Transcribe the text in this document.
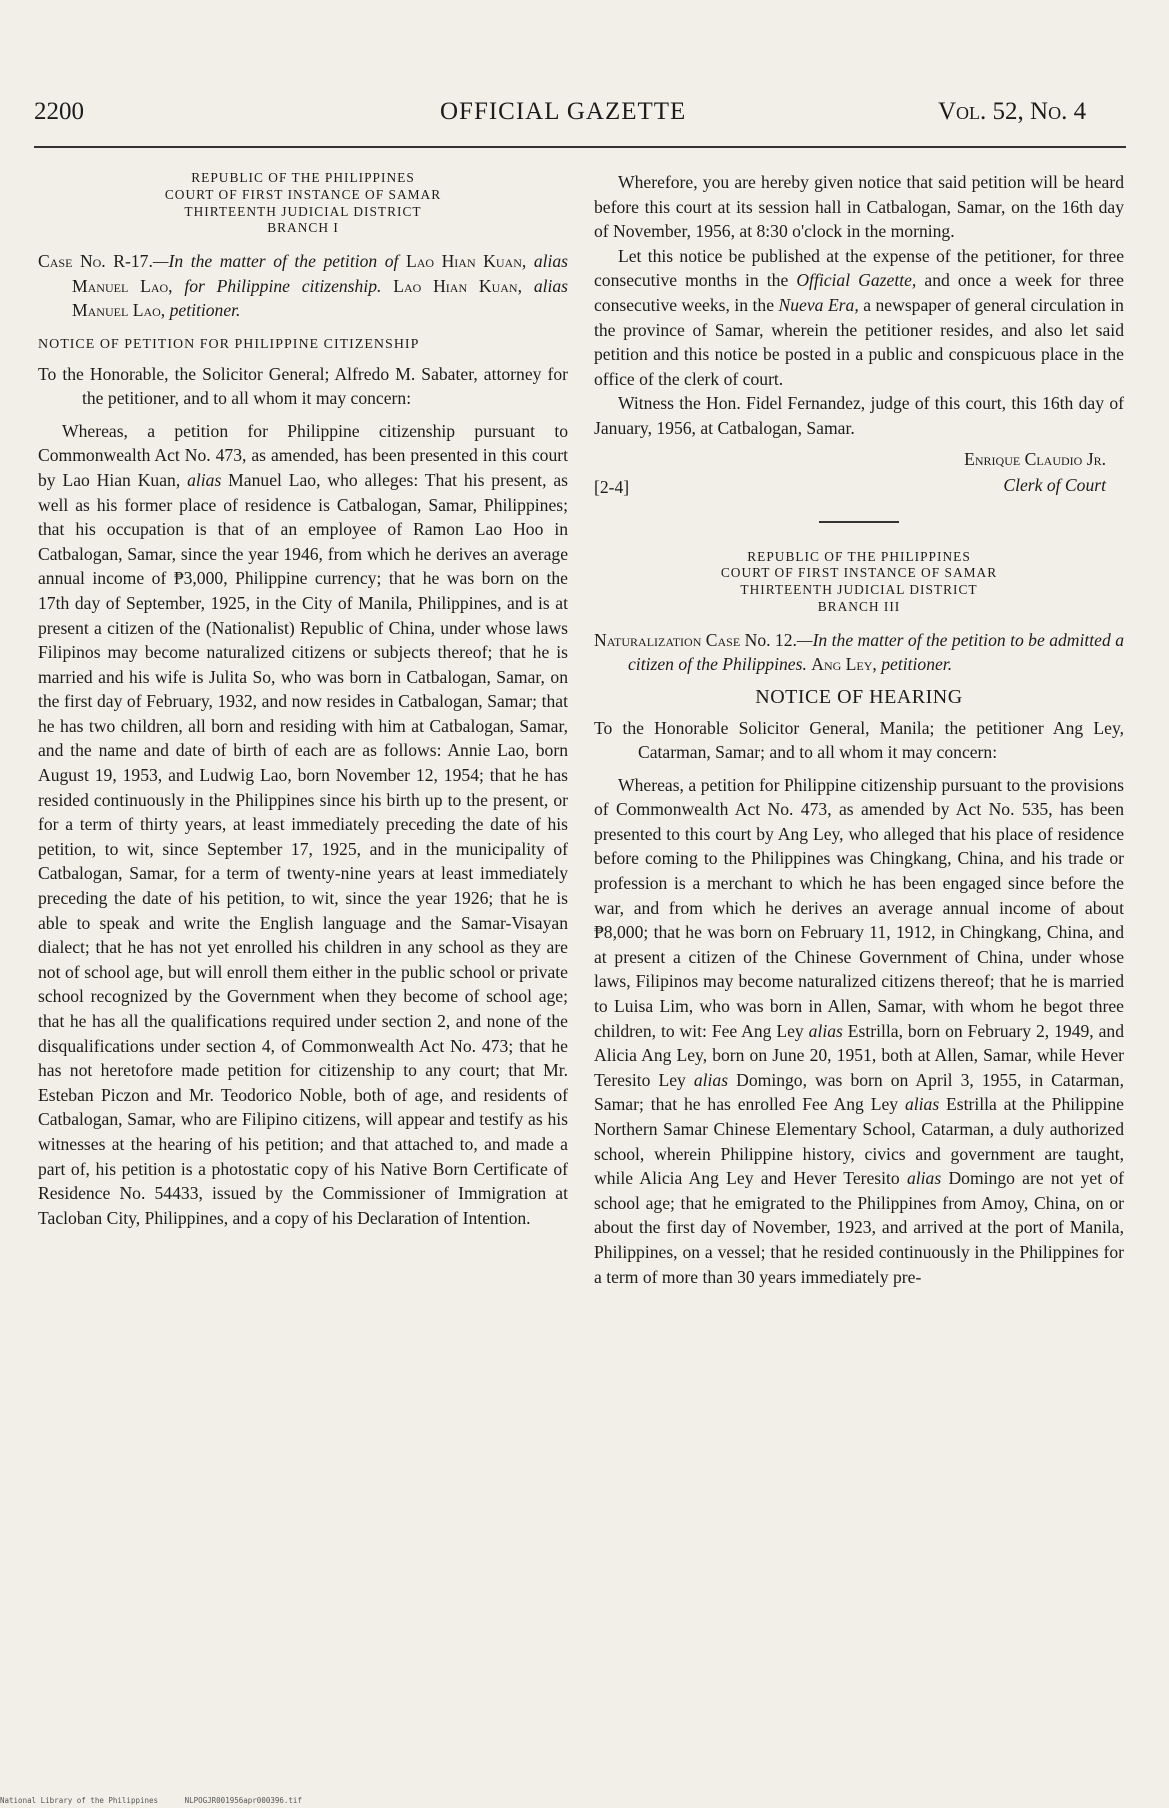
2200	OFFICIAL GAZETTE	Vol. 52, No. 4
REPUBLIC OF THE PHILIPPINES
COURT OF FIRST INSTANCE OF SAMAR
THIRTEENTH JUDICIAL DISTRICT
BRANCH I

Case No. R-17.—In the matter of the petition of Lao Hian Kuan, alias Manuel Lao, for Philippine citizenship. Lao Hian Kuan, alias Manuel Lao, petitioner.

NOTICE OF PETITION FOR PHILIPPINE CITIZENSHIP

To the Honorable, the Solicitor General; Alfredo M. Sabater, attorney for the petitioner, and to all whom it may concern:

Whereas, a petition for Philippine citizenship pursuant to Commonwealth Act No. 473, as amended, has been presented in this court by Lao Hian Kuan, alias Manuel Lao, who alleges: That his present, as well as his former place of residence is Catbalogan, Samar, Philippines; that his occupation is that of an employee of Ramon Lao Hoo in Catbalogan, Samar, since the year 1946, from which he derives an average annual income of ₱3,000, Philippine currency; that he was born on the 17th day of September, 1925, in the City of Manila, Philippines, and is at present a citizen of the (Nationalist) Republic of China, under whose laws Filipinos may become naturalized citizens or subjects thereof; that he is married and his wife is Julita So, who was born in Catbalogan, Samar, on the first day of February, 1932, and now resides in Catbalogan, Samar; that he has two children, all born and residing with him at Catbalogan, Samar, and the name and date of birth of each are as follows: Annie Lao, born August 19, 1953, and Ludwig Lao, born November 12, 1954; that he has resided continuously in the Philippines since his birth up to the present, or for a term of thirty years, at least immediately preceding the date of his petition, to wit, since September 17, 1925, and in the municipality of Catbalogan, Samar, for a term of twenty-nine years at least immediately preceding the date of his petition, to wit, since the year 1926; that he is able to speak and write the English language and the Samar-Visayan dialect; that he has not yet enrolled his children in any school as they are not of school age, but will enroll them either in the public school or private school recognized by the Government when they become of school age; that he has all the qualifications required under section 2, and none of the disqualifications under section 4, of Commonwealth Act No. 473; that he has not heretofore made petition for citizenship to any court; that Mr. Esteban Piczon and Mr. Teodorico Noble, both of age, and residents of Catbalogan, Samar, who are Filipino citizens, will appear and testify as his witnesses at the hearing of his petition; and that attached to, and made a part of, his petition is a photostatic copy of his Native Born Certificate of Residence No. 54433, issued by the Commissioner of Immigration at Tacloban City, Philippines, and a copy of his Declaration of Intention.

Wherefore, you are hereby given notice that said petition will be heard before this court at its session hall in Catbalogan, Samar, on the 16th day of November, 1956, at 8:30 o'clock in the morning.

Let this notice be published at the expense of the petitioner, for three consecutive months in the Official Gazette, and once a week for three consecutive weeks, in the Nueva Era, a newspaper of general circulation in the province of Samar, wherein the petitioner resides, and also let said petition and this notice be posted in a public and conspicuous place in the office of the clerk of court.

Witness the Hon. Fidel Fernandez, judge of this court, this 16th day of January, 1956, at Catbalogan, Samar.

Enrique Claudio Jr.
[2-4]	Clerk of Court
REPUBLIC OF THE PHILIPPINES
COURT OF FIRST INSTANCE OF SAMAR
THIRTEENTH JUDICIAL DISTRICT
BRANCH III

Naturalization Case No. 12.—In the matter of the petition to be admitted a citizen of the Philippines. Ang Ley, petitioner.

NOTICE OF HEARING

To the Honorable Solicitor General, Manila; the petitioner Ang Ley, Catarman, Samar; and to all whom it may concern:

Whereas, a petition for Philippine citizenship pursuant to the provisions of Commonwealth Act No. 473, as amended by Act No. 535, has been presented to this court by Ang Ley, who alleged that his place of residence before coming to the Philippines was Chingkang, China, and his trade or profession is a merchant to which he has been engaged since before the war, and from which he derives an average annual income of about ₱8,000; that he was born on February 11, 1912, in Chingkang, China, and at present a citizen of the Chinese Government of China, under whose laws, Filipinos may become naturalized citizens thereof; that he is married to Luisa Lim, who was born in Allen, Samar, with whom he begot three children, to wit: Fee Ang Ley alias Estrilla, born on February 2, 1949, and Alicia Ang Ley, born on June 20, 1951, both at Allen, Samar, while Hever Teresito Ley alias Domingo, was born on April 3, 1955, in Catarman, Samar; that he has enrolled Fee Ang Ley alias Estrilla at the Philippine Northern Samar Chinese Elementary School, Catarman, a duly authorized school, wherein Philippine history, civics and government are taught, while Alicia Ang Ley and Hever Teresito alias Domingo are not yet of school age; that he emigrated to the Philippines from Amoy, China, on or about the first day of November, 1923, and arrived at the port of Manila, Philippines, on a vessel; that he resided continuously in the Philippines for a term of more than 30 years immediately pre-

National Library of the Philippines	NLPOGJR001956apr000396.tif
